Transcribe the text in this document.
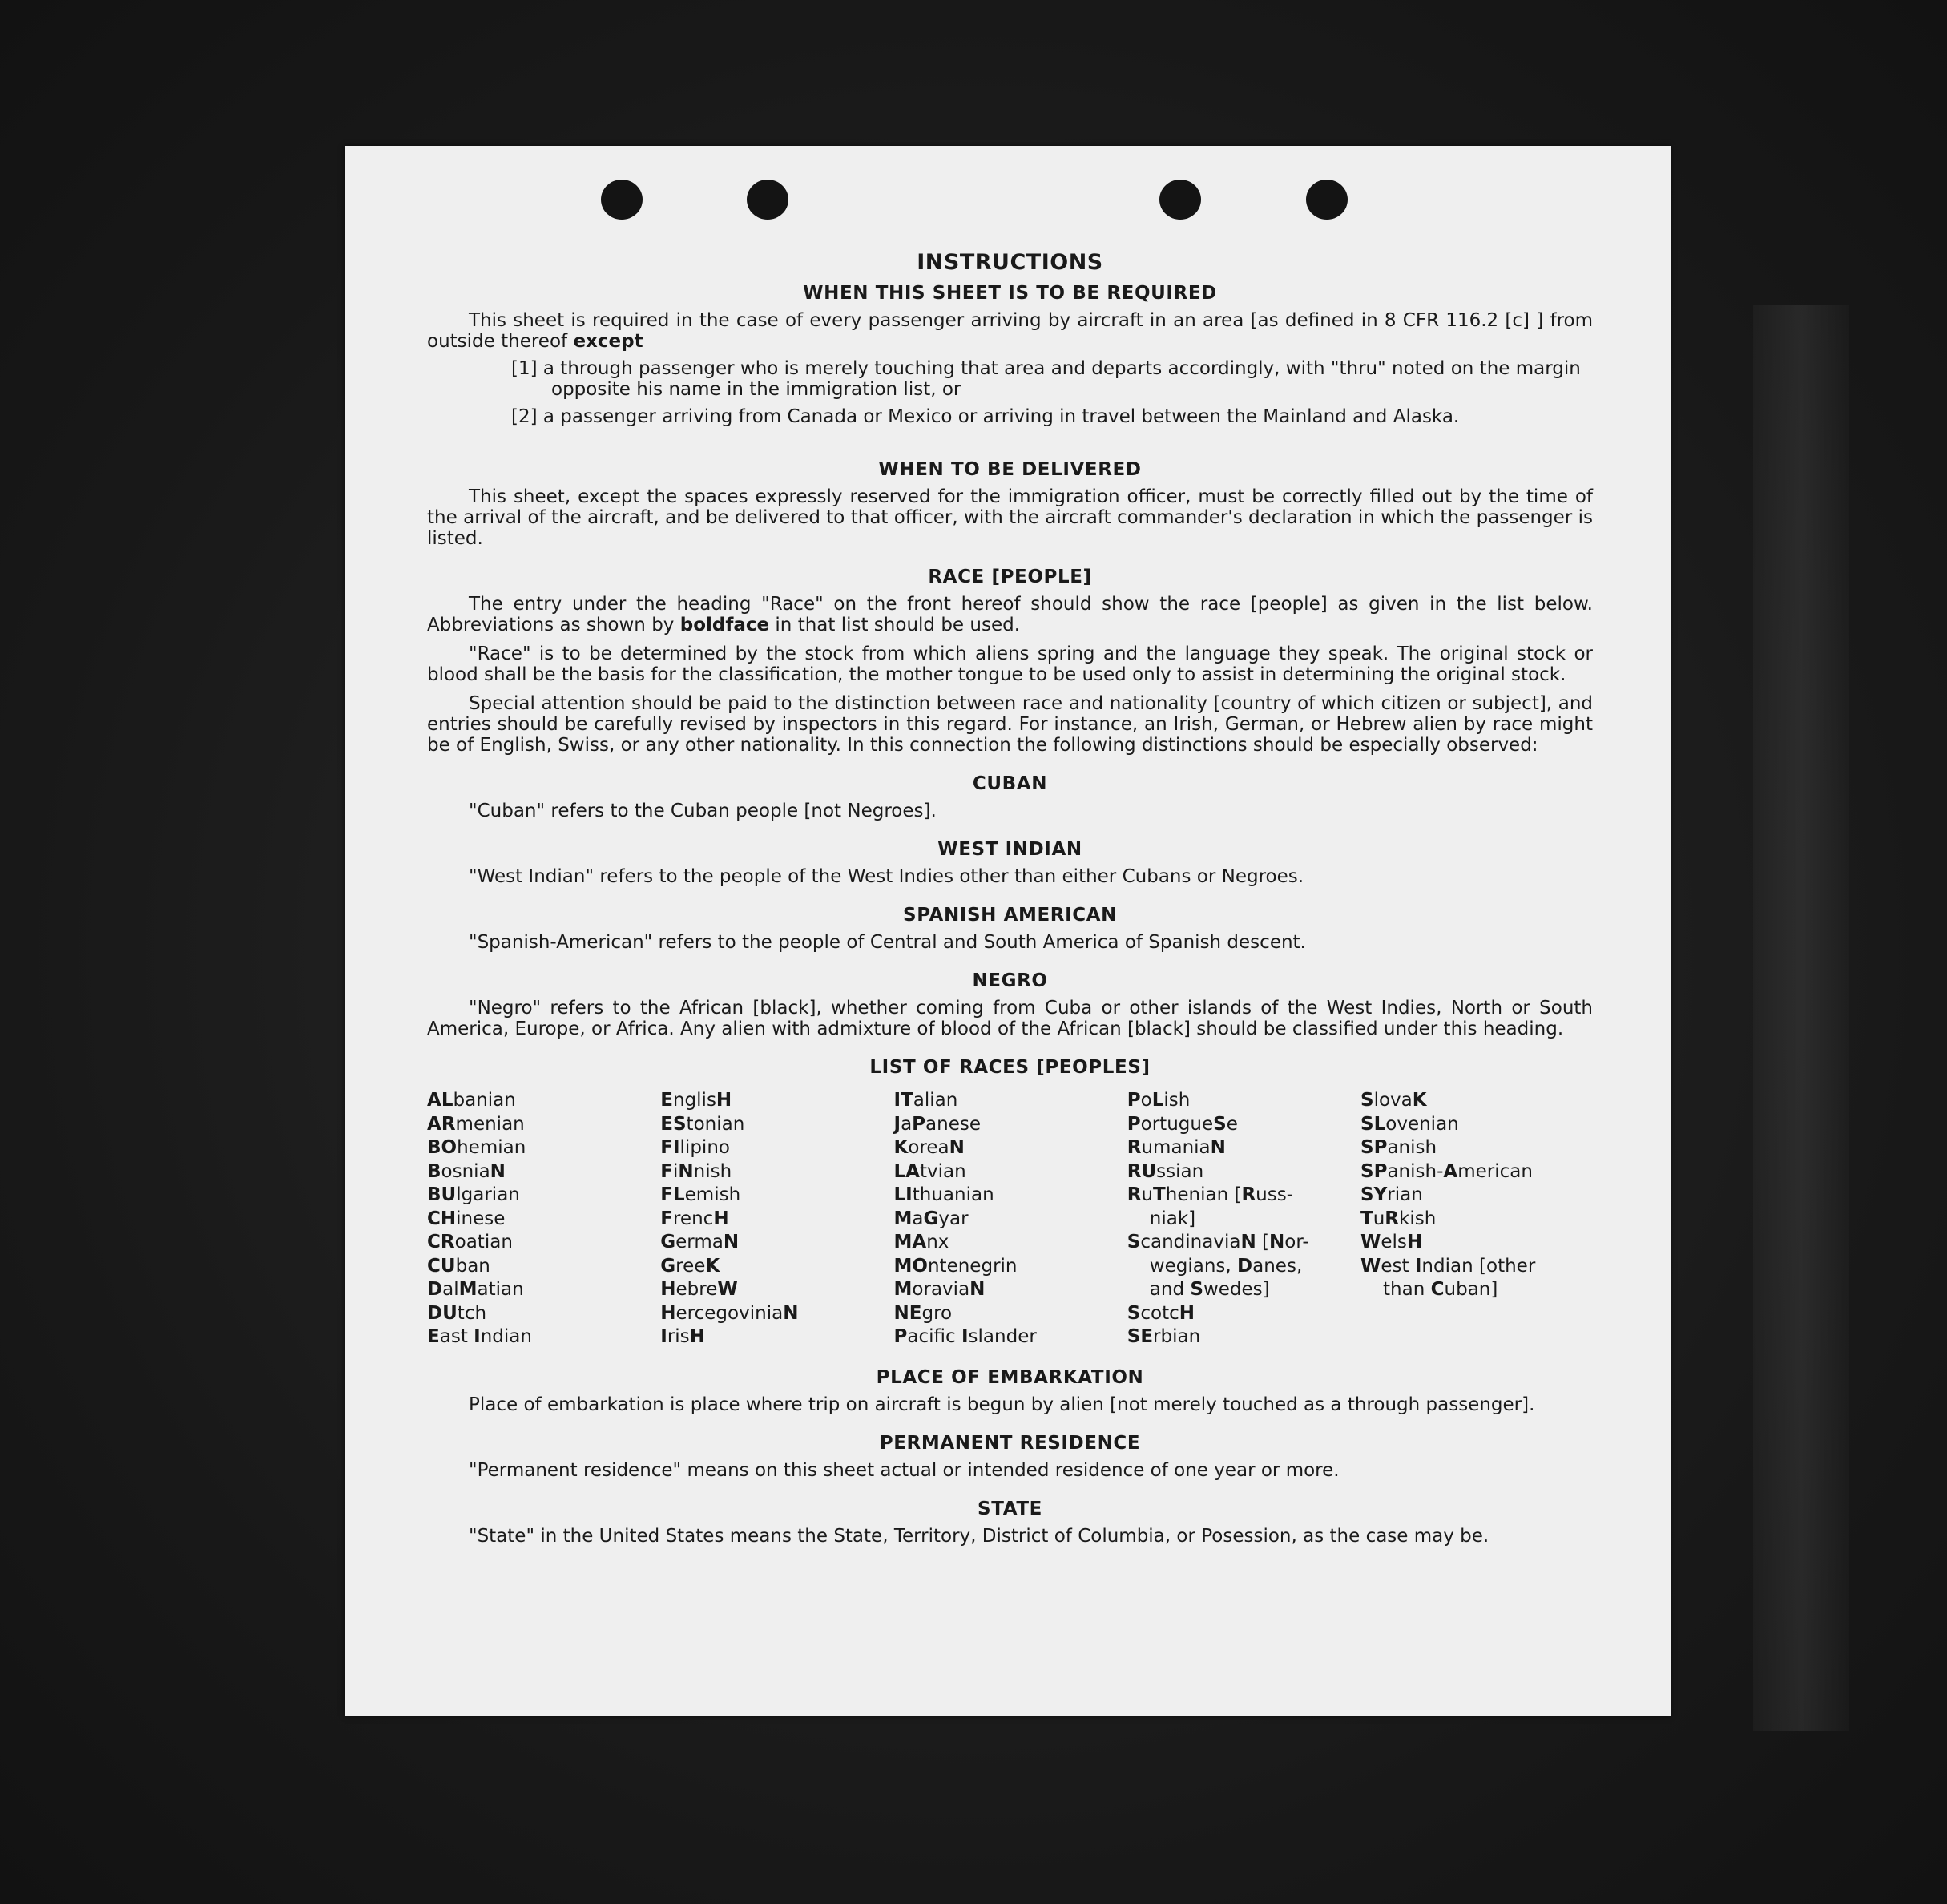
INSTRUCTIONS
WHEN THIS SHEET IS TO BE REQUIRED

This sheet is required in the case of every passenger arriving by aircraft in an area [as defined in 8 CFR 116.2 [c] ] from outside thereof except

[1] a through passenger who is merely touching that area and departs accordingly, with "thru" noted on the margin opposite his name in the immigration list, or
[2] a passenger arriving from Canada or Mexico or arriving in travel between the Mainland and Alaska.
WHEN TO BE DELIVERED

This sheet, except the spaces expressly reserved for the immigration officer, must be correctly filled out by the time of the arrival of the aircraft, and be delivered to that officer, with the aircraft commander's declaration in which the passenger is listed.

RACE [PEOPLE]

The entry under the heading "Race" on the front hereof should show the race [people] as given in the list below. Abbreviations as shown by boldface in that list should be used.

"Race" is to be determined by the stock from which aliens spring and the language they speak. The original stock or blood shall be the basis for the classification, the mother tongue to be used only to assist in determining the original stock.

Special attention should be paid to the distinction between race and nationality [country of which citizen or subject], and entries should be carefully revised by inspectors in this regard. For instance, an Irish, German, or Hebrew alien by race might be of English, Swiss, or any other nationality. In this connection the following distinctions should be especially observed:

CUBAN

"Cuban" refers to the Cuban people [not Negroes].

WEST INDIAN

"West Indian" refers to the people of the West Indies other than either Cubans or Negroes.

SPANISH AMERICAN

"Spanish-American" refers to the people of Central and South America of Spanish descent.

NEGRO

"Negro" refers to the African [black], whether coming from Cuba or other islands of the West Indies, North or South America, Europe, or Africa. Any alien with admixture of blood of the African [black] should be classified under this heading.

LIST OF RACES [PEOPLES]
ALbanian
ARmenian
BOhemian
BosniaN
BUlgarian
CHinese
CRoatian
CUban
DalMatian
DUtch
East Indian
EnglisH
EStonian
FIlipino
FiNnish
FLemish
FrencH
GermaN
GreeK
HebreW
HercegoviniaN
IrisH
ITalian
JaPanese
KoreaN
LAtvian
LIthuanian
MaGyar
MAnx
MOntenegrin
MoraviaN
NEgro
Pacifc Islander
PoLish
PortugueSe
RumaniaN
RUssian
RuThenian [Russ-
niak]
ScandinaviaN [Nor-
wegians, Danes,
and Swedes]
ScotcH
SErbian
SlovaK
SLovenian
SPanish
SPanish-American
SYrian
TuRkish
WelsH
West Indian [other
than Cuban]
PLACE OF EMBARKATION

Place of embarkation is place where trip on aircraft is begun by alien [not merely touched as a through passenger].

PERMANENT RESIDENCE

"Permanent residence" means on this sheet actual or intended residence of one year or more.

STATE

"State" in the United States means the State, Territory, District of Columbia, or Posession, as the case may be.
